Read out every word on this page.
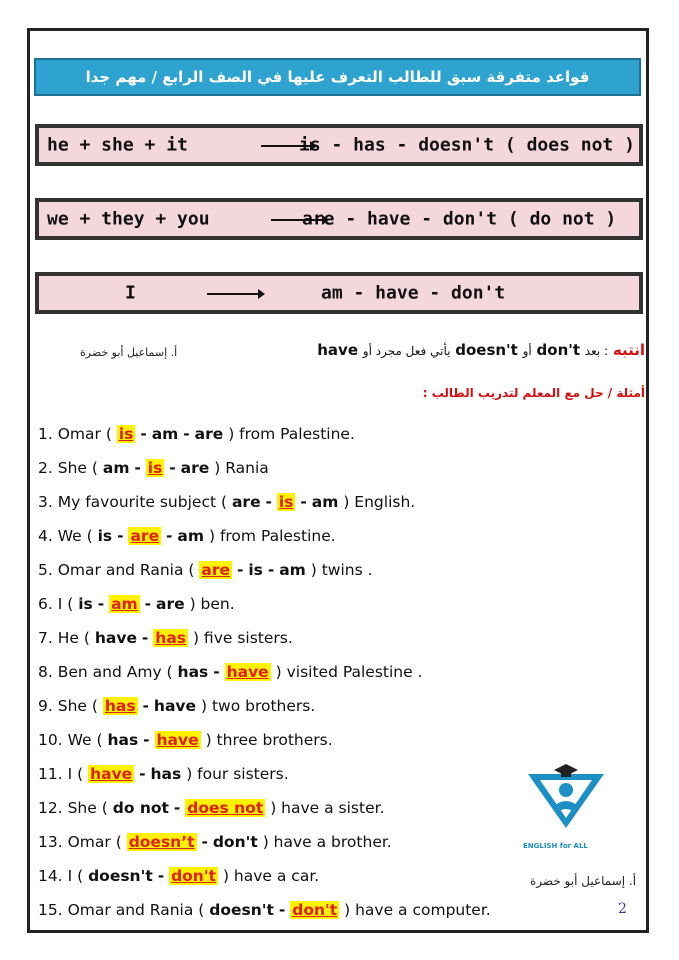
قواعد متفرقة سبق للطالب التعرف عليها في الصف الرابع / مهم جدا
he + she + it	is - has - doesn't ( does not )
we + they + you	are - have - don't ( do not )
I	am - have - don't
أ. إسماعيل أبو خضرة	انتبه : بعد don't أو doesn't يأتي فعل مجرد أو have
أمثلة / حل مع المعلم لتدريب الطالب :
1. Omar ( is - am - are ) from Palestine.
2. She ( am - is - are ) Rania
3. My favourite subject ( are - is - am ) English.
4. We ( is - are - am ) from Palestine.
5. Omar and Rania ( are - is - am ) twins .
6. I ( is - am - are ) ben.
7. He ( have - has ) five sisters.
8. Ben and Amy ( has - have ) visited Palestine .
9. She ( has - have ) two brothers.
10. We ( has - have ) three brothers.
11. I ( have - has ) four sisters.
12. She ( do not - does not ) have a sister.
13. Omar ( doesn’t - don't ) have a brother.
14. I ( doesn't - don't ) have a car.
15. Omar and Rania ( doesn't - don't ) have a computer.
ENGLISH for ALL
أ. إسماعيل أبو خضرة
2
